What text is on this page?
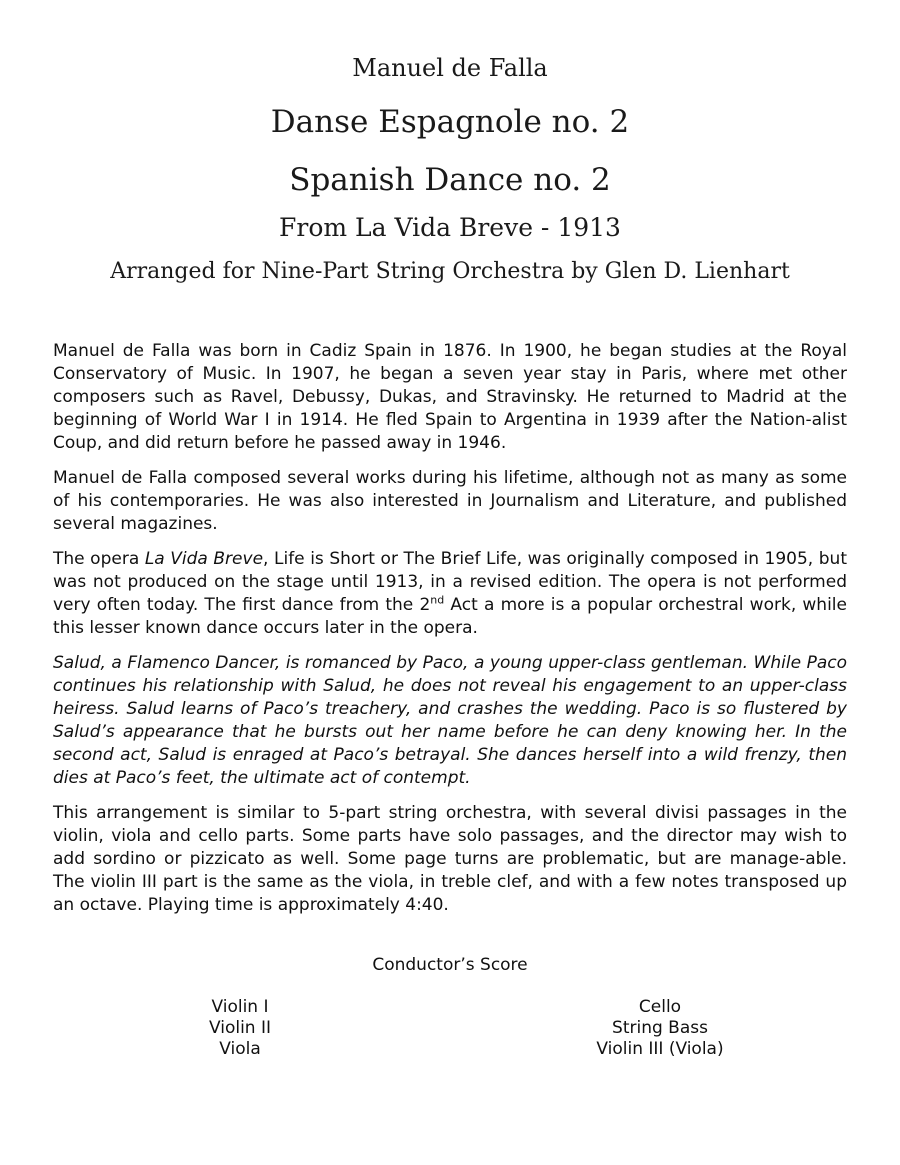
Manuel de Falla
Danse Espagnole no. 2
Spanish Dance no. 2
From La Vida Breve - 1913
Arranged for Nine-Part String Orchestra by Glen D. Lienhart

Manuel de Falla was born in Cadiz Spain in 1876. In 1900, he began studies at the Royal Conservatory of Music. In 1907, he began a seven year stay in Paris, where met other composers such as Ravel, Debussy, Dukas, and Stravinsky. He returned to Madrid at the beginning of World War I in 1914. He fled Spain to Argentina in 1939 after the Nation-alist Coup, and did return before he passed away in 1946.

Manuel de Falla composed several works during his lifetime, although not as many as some of his contemporaries. He was also interested in Journalism and Literature, and published several magazines.

The opera La Vida Breve, Life is Short or The Brief Life, was originally composed in 1905, but was not produced on the stage until 1913, in a revised edition. The opera is not performed very often today. The first dance from the 2nd Act a more is a popular orchestral work, while this lesser known dance occurs later in the opera.

Salud, a Flamenco Dancer, is romanced by Paco, a young upper-class gentleman. While Paco continues his relationship with Salud, he does not reveal his engagement to an upper-class heiress. Salud learns of Paco’s treachery, and crashes the wedding. Paco is so flustered by Salud’s appearance that he bursts out her name before he can deny knowing her. In the second act, Salud is enraged at Paco’s betrayal. She dances herself into a wild frenzy, then dies at Paco’s feet, the ultimate act of contempt.

This arrangement is similar to 5-part string orchestra, with several divisi passages in the violin, viola and cello parts. Some parts have solo passages, and the director may wish to add sordino or pizzicato as well. Some page turns are problematic, but are manage-able. The violin III part is the same as the viola, in treble clef, and with a few notes transposed up an octave. Playing time is approximately 4:40.

Conductor’s Score
Violin I
Violin II
Viola
Cello
String Bass
Violin III (Viola)
